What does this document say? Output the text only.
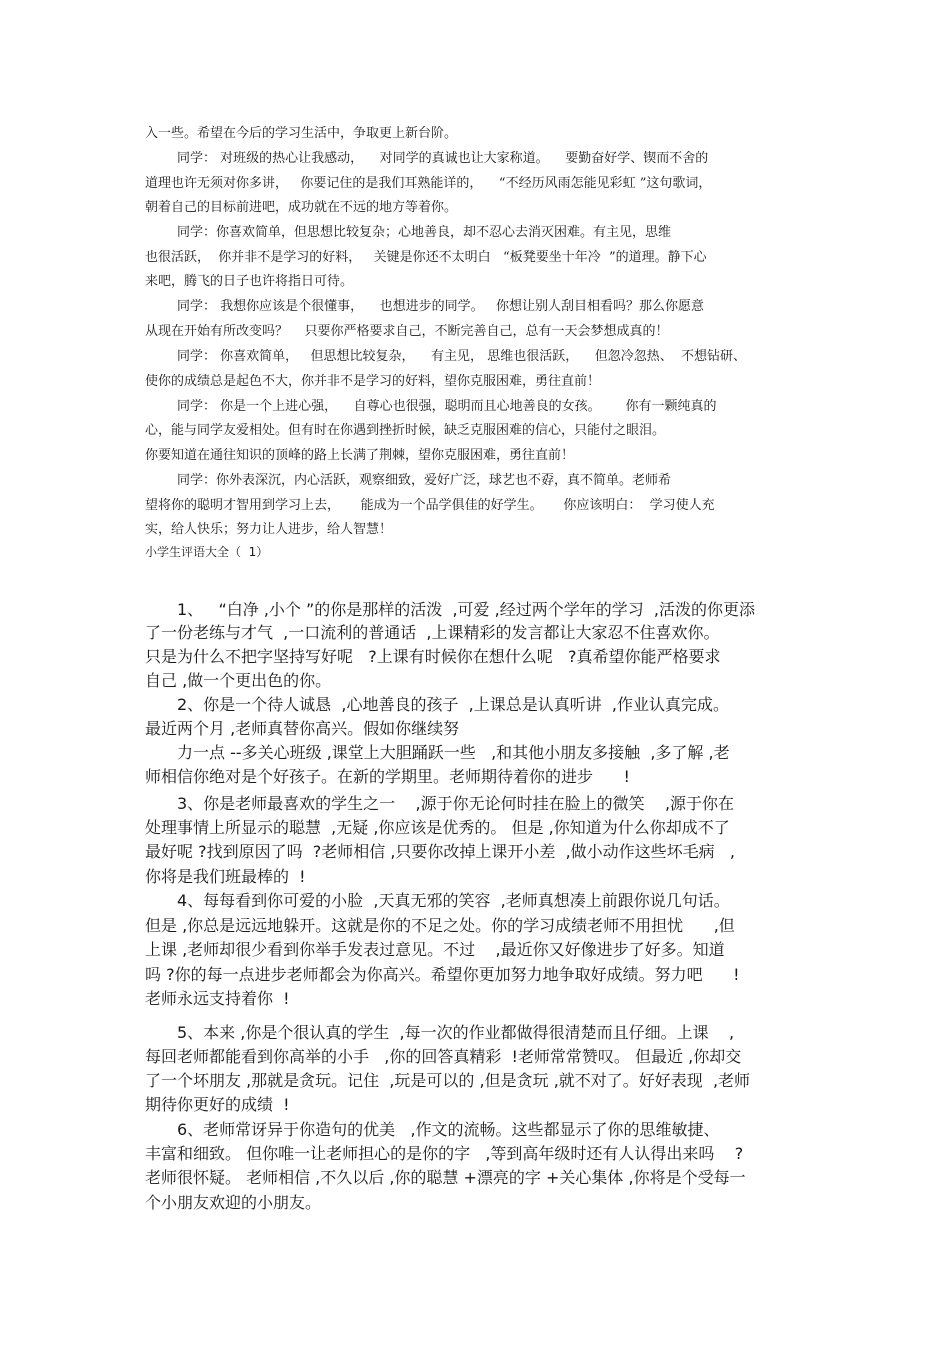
入一些。希望在今后的学习生活中，争取更上新台阶。

同学： 对班级的热心让我感动，    对同学的真诚也让大家称道。    要勤奋好学、锲而不舍的

道理也许无须对你多讲，   你要记住的是我们耳熟能详的，    “不经历风雨怎能见彩虹 ”这句歌词，

朝着自己的目标前进吧，成功就在不远的地方等着你。

同学：你喜欢简单，但思想比较复杂；心地善良，却不忍心去消灭困难。有主见，思维

也很活跃，  你并非不是学习的好料，   关键是你还不太明白   “板凳要坐十年冷  ”的道理。静下心

来吧，腾飞的日子也许将指日可待。

同学： 我想你应该是个很懂事，    也想进步的同学。   你想让别人刮目相看吗？那么你愿意

从现在开始有所改变吗？    只要你严格要求自己，不断完善自己，总有一天会梦想成真的！

同学： 你喜欢简单，   但思想比较复杂，    有主见， 思维也很活跃，    但忽冷忽热、  不想钻研、

使你的成绩总是起色不大，你并非不是学习的好料，望你克服困难，勇往直前！

同学： 你是一个上进心强，    自尊心也很强，聪明而且心地善良的女孩。      你有一颗纯真的

心，能与同学友爱相处。但有时在你遇到挫折时候，缺乏克服困难的信心，只能付之眼泪。

你要知道在通往知识的顶峰的路上长满了荆棘，望你克服困难，勇往直前！

同学：你外表深沉，内心活跃，观察细致，爱好广泛，球艺也不孬，真不简单。老师希

望将你的聪明才智用到学习上去，     能成为一个品学俱佳的好学生。     你应该明白：  学习使人充

实，给人快乐；努力让人进步，给人智慧！

小学生评语大全（  1）

1、   “白净 ,小个 ”的你是那样的活泼  ,可爱 ,经过两个学年的学习  ,活泼的你更添

了一份老练与才气  ,一口流利的普通话  ,上课精彩的发言都让大家忍不住喜欢你。

只是为什么不把字坚持写好呢   ?上课有时候你在想什么呢   ?真希望你能严格要求

自己 ,做一个更出色的你。

2、你是一个待人诚恳  ,心地善良的孩子  ,上课总是认真听讲  ,作业认真完成。

最近两个月 ,老师真替你高兴。假如你继续努

力一点 --多关心班级 ,课堂上大胆踊跃一些   ,和其他小朋友多接触  ,多了解 ,老

师相信你绝对是个好孩子。在新的学期里。老师期待着你的进步      !

3、你是老师最喜欢的学生之一    ,源于你无论何时挂在脸上的微笑    ,源于你在

处理事情上所显示的聪慧  ,无疑 ,你应该是优秀的。 但是 ,你知道为什么你却成不了

最好呢 ?找到原因了吗  ?老师相信 ,只要你改掉上课开小差  ,做小动作这些坏毛病   ,

你将是我们班最棒的  !

4、每每看到你可爱的小脸  ,天真无邪的笑容  ,老师真想凑上前跟你说几句话。

但是 ,你总是远远地躲开。这就是你的不足之处。你的学习成绩老师不用担忧      ,但

上课 ,老师却很少看到你举手发表过意见。不过    ,最近你又好像进步了好多。知道

吗 ?你的每一点进步老师都会为你高兴。希望你更加努力地争取好成绩。努力吧      !

老师永远支持着你  !

5、本来 ,你是个很认真的学生  ,每一次的作业都做得很清楚而且仔细。上课    ,

每回老师都能看到你高举的小手   ,你的回答真精彩  !老师常常赞叹。 但最近 ,你却交

了一个坏朋友 ,那就是贪玩。记住  ,玩是可以的 ,但是贪玩 ,就不对了。好好表现  ,老师

期待你更好的成绩  !

6、老师常讶异于你造句的优美   ,作文的流畅。这些都显示了你的思维敏捷、

丰富和细致。 但你唯一让老师担心的是你的字   ,等到高年级时还有人认得出来吗    ?

老师很怀疑。 老师相信 ,不久以后 ,你的聪慧 +漂亮的字 +关心集体 ,你将是个受每一

个小朋友欢迎的小朋友。
